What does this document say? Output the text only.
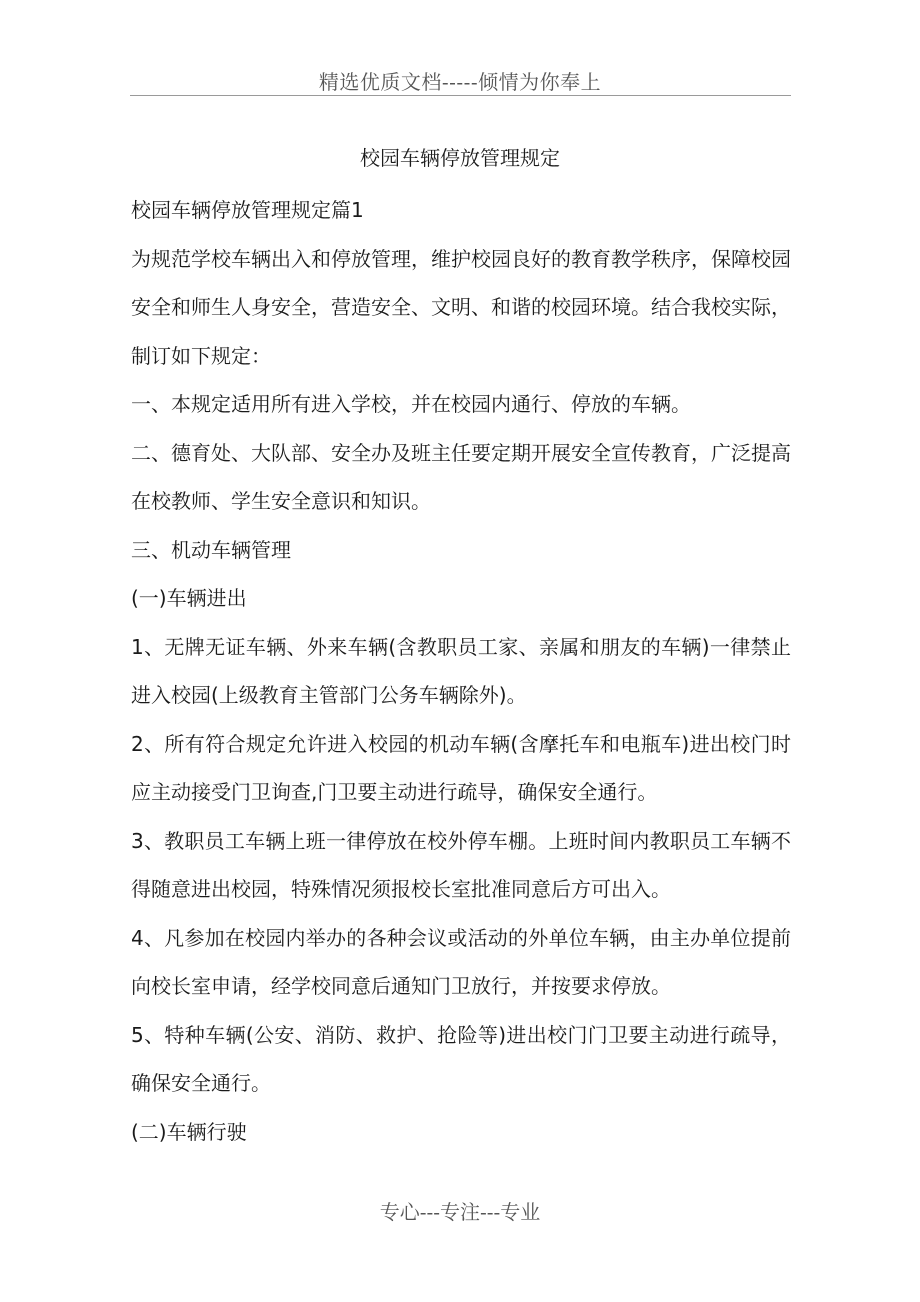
精选优质文档-----倾情为你奉上
校园车辆停放管理规定

校园车辆停放管理规定篇1

为规范学校车辆出入和停放管理，维护校园良好的教育教学秩序，保障校园安全和师生人身安全，营造安全、文明、和谐的校园环境。结合我校实际，制订如下规定：

一、本规定适用所有进入学校，并在校园内通行、停放的车辆。

二、德育处、大队部、安全办及班主任要定期开展安全宣传教育，广泛提高在校教师、学生安全意识和知识。

三、机动车辆管理

(一)车辆进出

1、无牌无证车辆、外来车辆(含教职员工家、亲属和朋友的车辆)一律禁止进入校园(上级教育主管部门公务车辆除外)。

2、所有符合规定允许进入校园的机动车辆(含摩托车和电瓶车)进出校门时应主动接受门卫询查,门卫要主动进行疏导，确保安全通行。

3、教职员工车辆上班一律停放在校外停车棚。上班时间内教职员工车辆不得随意进出校园，特殊情况须报校长室批准同意后方可出入。

4、凡参加在校园内举办的各种会议或活动的外单位车辆，由主办单位提前向校长室申请，经学校同意后通知门卫放行，并按要求停放。

5、特种车辆(公安、消防、救护、抢险等)进出校门门卫要主动进行疏导，确保安全通行。

(二)车辆行驶

专心---专注---专业
